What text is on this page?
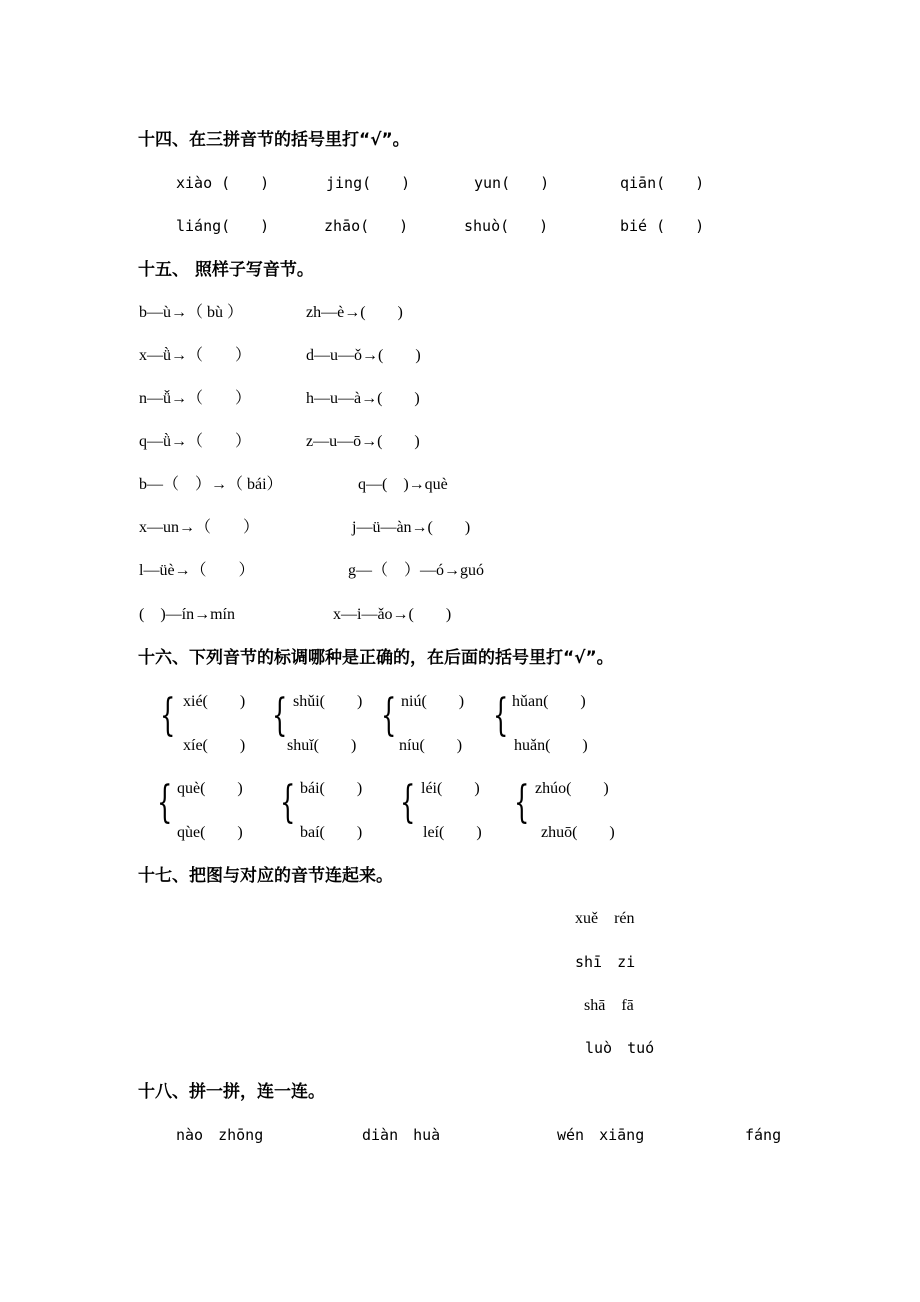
十四、在三拼音节的括号里打“√”。
xiào (　　)	jing(　　)	yun(　　)	qiān(　　)
liáng(　　)	zhāo(　　)	shuò(　　)	bié (　　)
十五、 照样子写音节。
b—ù→（ bù ）	zh—è→(　　)
x—ǜ→（　　）	d—u—ǒ→(　　)
n—ǚ→（　　）	h—u—à→(　　)
q—ǜ→（　　）	z—u—ō→(　　)
b—（　）→（ bái）	q—(　)→què
x—un→（　　）	j—ü—àn→(　　)
l—üè→（　　）	g—（　）—ó→guó
(　)—ín→mín	x—i—ǎo→(　　)
十六、下列音节的标调哪种是正确的，在后面的括号里打“√”。
{ xié(　　)
xíe(　　)
{ shǔi(　　)
shuǐ(　　)
{ niú(　　)
níu(　　)
{ hǔan(　　)
huǎn(　　)
{ què(　　)
qùe(　　)
{ bái(　　)
baí(　　)
{ léi(　　)
leí(　　)
{ zhúo(　　)
zhuō(　　)
十七、把图与对应的音节连起来。
xuě　rén
shī　zi
shā　fā
luò　tuó
十八、拼一拼，连一连。
nào　zhōng	diàn　huà	wén　xiāng	fáng
